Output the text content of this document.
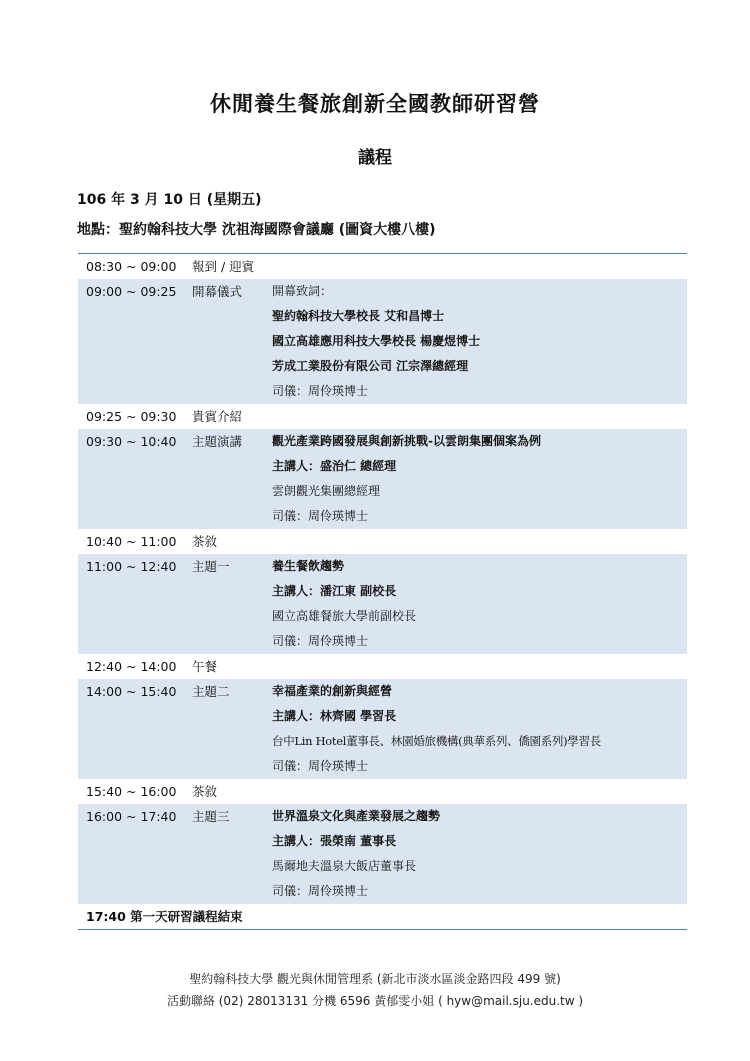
休閒養生餐旅創新全國教師研習營
議程
106 年 3 月 10 日 (星期五)
地點：聖約翰科技大學 沈祖海國際會議廳 (圖資大樓八樓)
08:30 ~ 09:00	報到 / 迎賓
09:00 ~ 09:25	開幕儀式	開幕致詞：
聖約翰科技大學校長 艾和昌博士
國立高雄應用科技大學校長 楊慶煜博士
芳成工業股份有限公司 江宗澤總經理
司儀：周伶瑛博士
09:25 ~ 09:30	貴賓介紹
09:30 ~ 10:40	主題演講	觀光產業跨國發展與創新挑戰-以雲朗集團個案為例
主講人：盛治仁 總經理
雲朗觀光集團總經理
司儀：周伶瑛博士
10:40 ~ 11:00	茶敘
11:00 ~ 12:40	主題一	養生餐飲趨勢
主講人：潘江東 副校長
國立高雄餐旅大學前副校長
司儀：周伶瑛博士
12:40 ~ 14:00	午餐
14:00 ~ 15:40	主題二	幸福產業的創新與經營
主講人：林齊國 學習長
台中Lin Hotel董事長、林園婚旅機構(典華系列、僑園系列)學習長
司儀：周伶瑛博士
15:40 ~ 16:00	茶敘
16:00 ~ 17:40	主題三	世界溫泉文化與產業發展之趨勢
主講人：張榮南 董事長
馬爾地夫溫泉大飯店董事長
司儀：周伶瑛博士
17:40 第一天研習議程結束
聖約翰科技大學 觀光與休閒管理系 (新北市淡水區淡金路四段 499 號)
活動聯絡 (02) 28013131 分機 6596 黃郁雯小姐 ( hyw@mail.sju.edu.tw )
